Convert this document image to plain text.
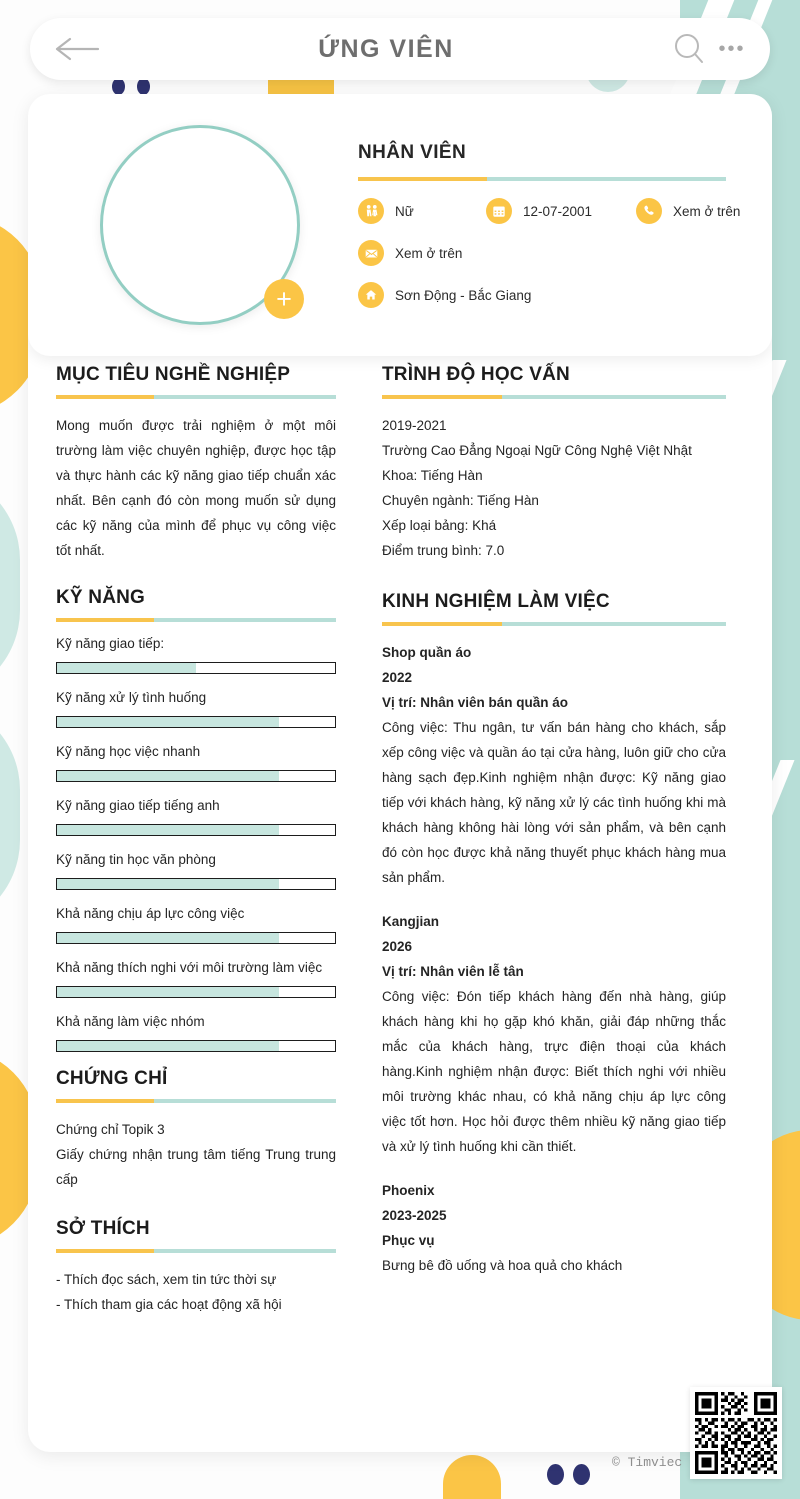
ỨNG VIÊN	•••
+
NHÂN VIÊN
Nữ	12-07-2001	Xem ở trên
Xem ở trên
Sơn Động - Bắc Giang
MỤC TIÊU NGHỀ NGHIỆP
Mong muốn được trải nghiệm ở một môi trường làm việc chuyên nghiệp, được học tập và thực hành các kỹ năng giao tiếp chuẩn xác nhất. Bên cạnh đó còn mong muốn sử dụng các kỹ năng của mình để phục vụ công việc tốt nhất.
KỸ NĂNG
Kỹ năng giao tiếp:
Kỹ năng xử lý tình huống
Kỹ năng học việc nhanh
Kỹ năng giao tiếp tiếng anh
Kỹ năng tin học văn phòng
Khả năng chịu áp lực công việc
Khả năng thích nghi với môi trường làm việc
Khả năng làm việc nhóm
CHỨNG CHỈ
Chứng chỉ Topik 3
Giấy chứng nhận trung tâm tiếng Trung trung cấp
SỞ THÍCH
- Thích đọc sách, xem tin tức thời sự
- Thích tham gia các hoạt động xã hội
TRÌNH ĐỘ HỌC VẤN
2019-2021
Trường Cao Đẳng Ngoại Ngữ Công Nghệ Việt Nhật
Khoa: Tiếng Hàn
Chuyên ngành: Tiếng Hàn
Xếp loại bảng: Khá
Điểm trung bình: 7.0
KINH NGHIỆM LÀM VIỆC
Shop quần áo
2022
Vị trí: Nhân viên bán quần áo
Công việc: Thu ngân, tư vấn bán hàng cho khách, sắp xếp công việc và quần áo tại cửa hàng, luôn giữ cho cửa hàng sạch đẹp.Kinh nghiệm nhận được: Kỹ năng giao tiếp với khách hàng, kỹ năng xử lý các tình huống khi mà khách hàng không hài lòng với sản phẩm, và bên cạnh đó còn học được khả năng thuyết phục khách hàng mua sản phẩm.
Kangjian
2026
Vị trí: Nhân viên lễ tân
Công việc: Đón tiếp khách hàng đến nhà hàng, giúp khách hàng khi họ gặp khó khăn, giải đáp những thắc mắc của khách hàng, trực điện thoại của khách hàng.Kinh nghiệm nhận được: Biết thích nghi với nhiều môi trường khác nhau, có khả năng chịu áp lực công việc tốt hơn. Học hỏi được thêm nhiều kỹ năng giao tiếp và xử lý tình huống khi cần thiết.
Phoenix
2023-2025
Phục vụ
Bưng bê đồ uống và hoa quả cho khách
© Timviec
